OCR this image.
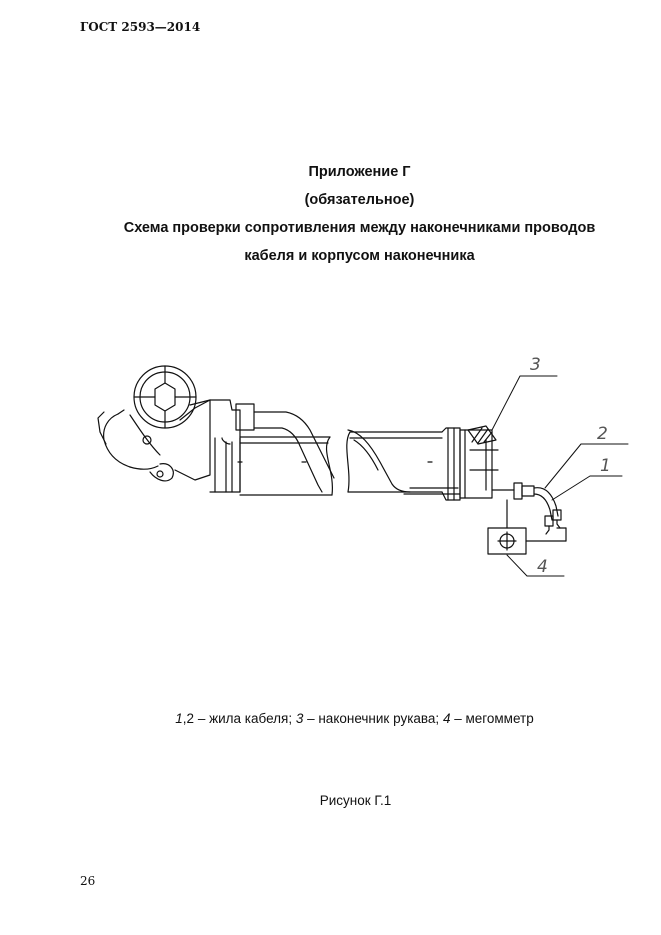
ГОСТ 2593—2014
Приложение Г
(обязательное)
Схема проверки сопротивления между наконечниками проводов
кабеля и корпусом наконечника
3
2
1
4
1,2 – жила кабеля; 3 – наконечник рукава; 4 – мегомметр
Рисунок Г.1
26
